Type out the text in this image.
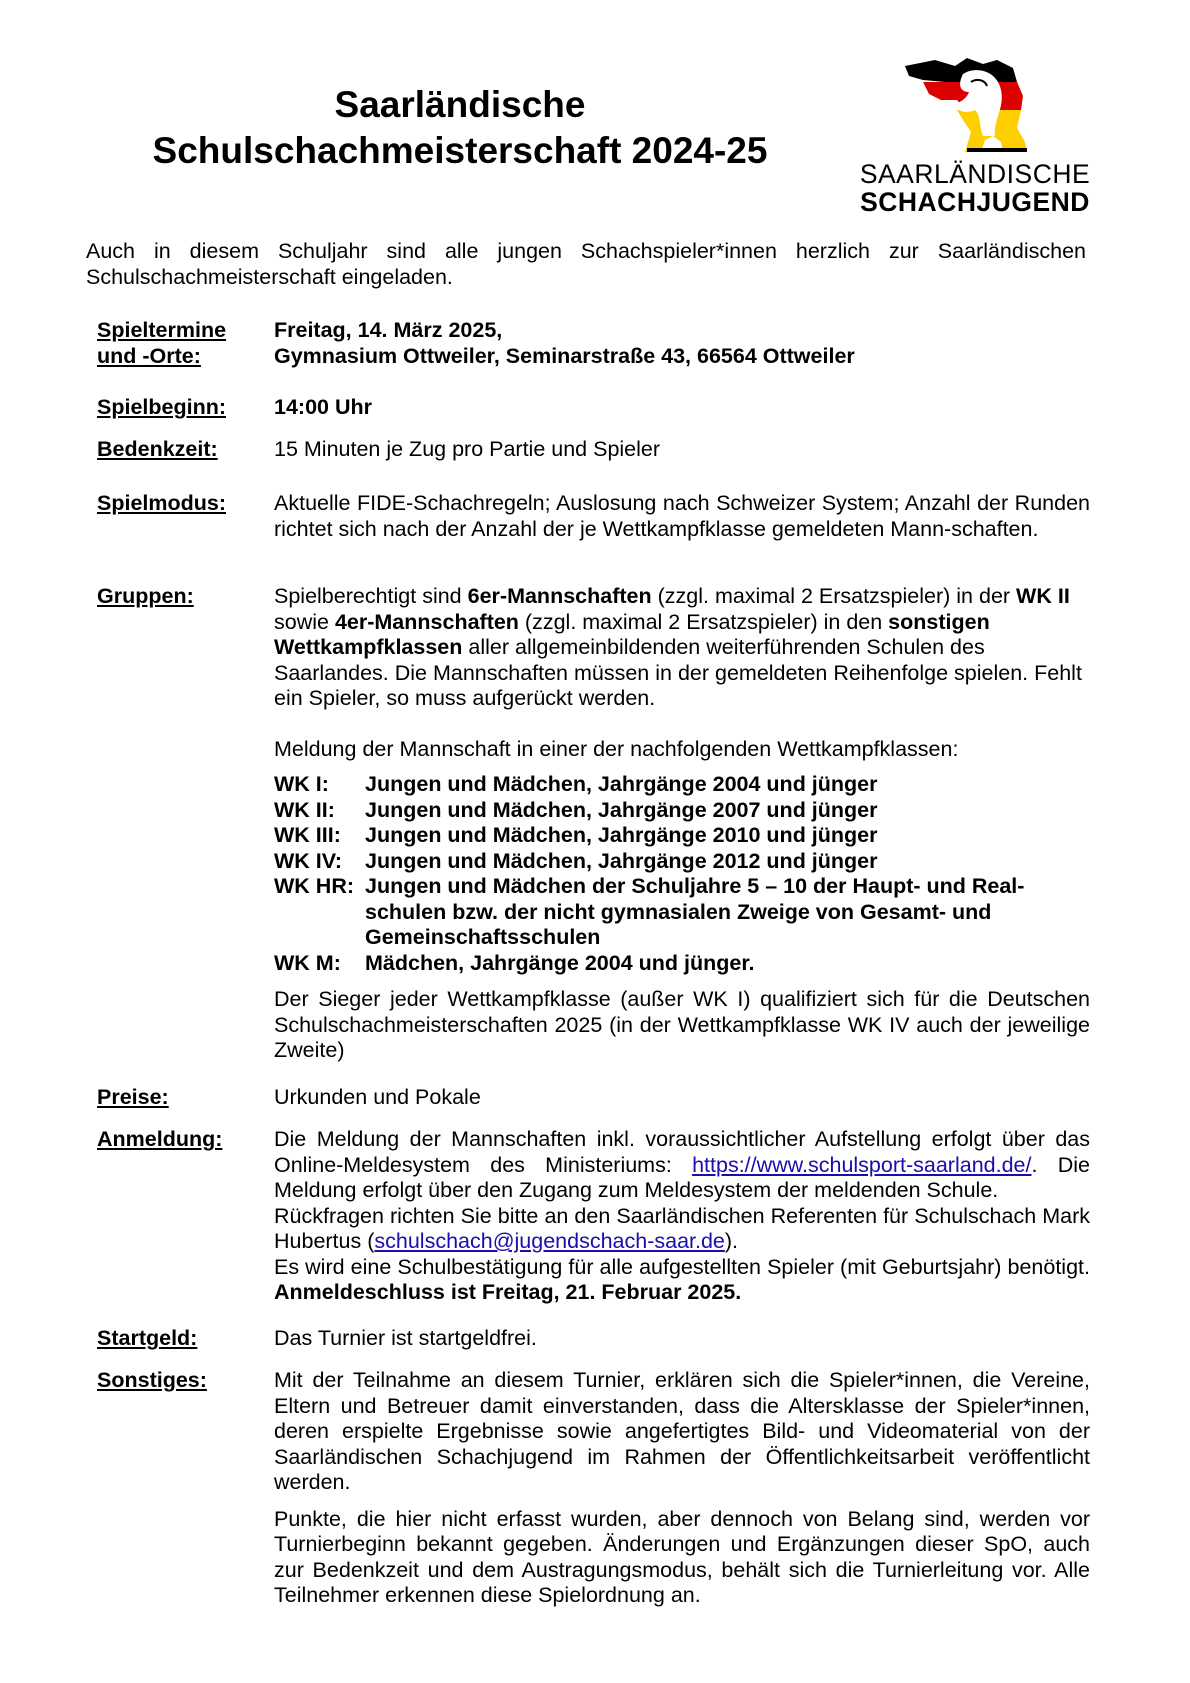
Saarländische
Schulschachmeisterschaft 2024-25
SAARLÄNDISCHE
SCHACHJUGEND
Auch in diesem Schuljahr sind alle jungen Schachspieler*innen herzlich zur Saarländischen Schulschachmeisterschaft eingeladen.
Spieltermine
und -Orte:
Freitag, 14. März 2025,
Gymnasium Ottweiler, Seminarstraße 43, 66564 Ottweiler
Spielbeginn:	14:00 Uhr
Bedenkzeit:	15 Minuten je Zug pro Partie und Spieler
Spielmodus:	Aktuelle FIDE-Schachregeln; Auslosung nach Schweizer System; Anzahl der Runden richtet sich nach der Anzahl der je Wettkampfklasse gemeldeten Mann-schaften.
Gruppen:	Spielberechtigt sind 6er-Mannschaften (zzgl. maximal 2 Ersatzspieler) in der WK II sowie 4er-Mannschaften (zzgl. maximal 2 Ersatzspieler) in den sonstigen Wettkampfklassen aller allgemeinbildenden weiterführenden Schulen des Saarlandes. Die Mannschaften müssen in der gemeldeten Reihenfolge spielen. Fehlt ein Spieler, so muss aufgerückt werden.
Meldung der Mannschaft in einer der nachfolgenden Wettkampfklassen:
WK I:	Jungen und Mädchen, Jahrgänge 2004 und jünger
WK II:	Jungen und Mädchen, Jahrgänge 2007 und jünger
WK III:	Jungen und Mädchen, Jahrgänge 2010 und jünger
WK IV:	Jungen und Mädchen, Jahrgänge 2012 und jünger
WK HR: Jungen und Mädchen der Schuljahre 5 – 10 der Haupt- und Real-schulen bzw. der nicht gymnasialen Zweige von Gesamt- und Gemeinschaftsschulen
WK M:	Mädchen, Jahrgänge 2004 und jünger.
Der Sieger jeder Wettkampfklasse (außer WK I) qualifiziert sich für die Deutschen Schulschachmeisterschaften 2025 (in der Wettkampfklasse WK IV auch der jeweilige Zweite)
Preise:	Urkunden und Pokale
Anmeldung:	Die Meldung der Mannschaften inkl. voraussichtlicher Aufstellung erfolgt über das Online-Meldesystem des Ministeriums: https://www.schulsport-saarland.de/. Die Meldung erfolgt über den Zugang zum Meldesystem der meldenden Schule.
Rückfragen richten Sie bitte an den Saarländischen Referenten für Schulschach Mark Hubertus (schulschach@jugendschach-saar.de).
Es wird eine Schulbestätigung für alle aufgestellten Spieler (mit Geburtsjahr) benötigt. Anmeldeschluss ist Freitag, 21. Februar 2025.
Startgeld:	Das Turnier ist startgeldfrei.
Sonstiges:	Mit der Teilnahme an diesem Turnier, erklären sich die Spieler*innen, die Vereine, Eltern und Betreuer damit einverstanden, dass die Altersklasse der Spieler*innen, deren erspielte Ergebnisse sowie angefertigtes Bild- und Videomaterial von der Saarländischen Schachjugend im Rahmen der Öffentlichkeitsarbeit veröffentlicht werden.
Punkte, die hier nicht erfasst wurden, aber dennoch von Belang sind, werden vor Turnierbeginn bekannt gegeben. Änderungen und Ergänzungen dieser SpO, auch zur Bedenkzeit und dem Austragungsmodus, behält sich die Turnierleitung vor. Alle Teilnehmer erkennen diese Spielordnung an.
